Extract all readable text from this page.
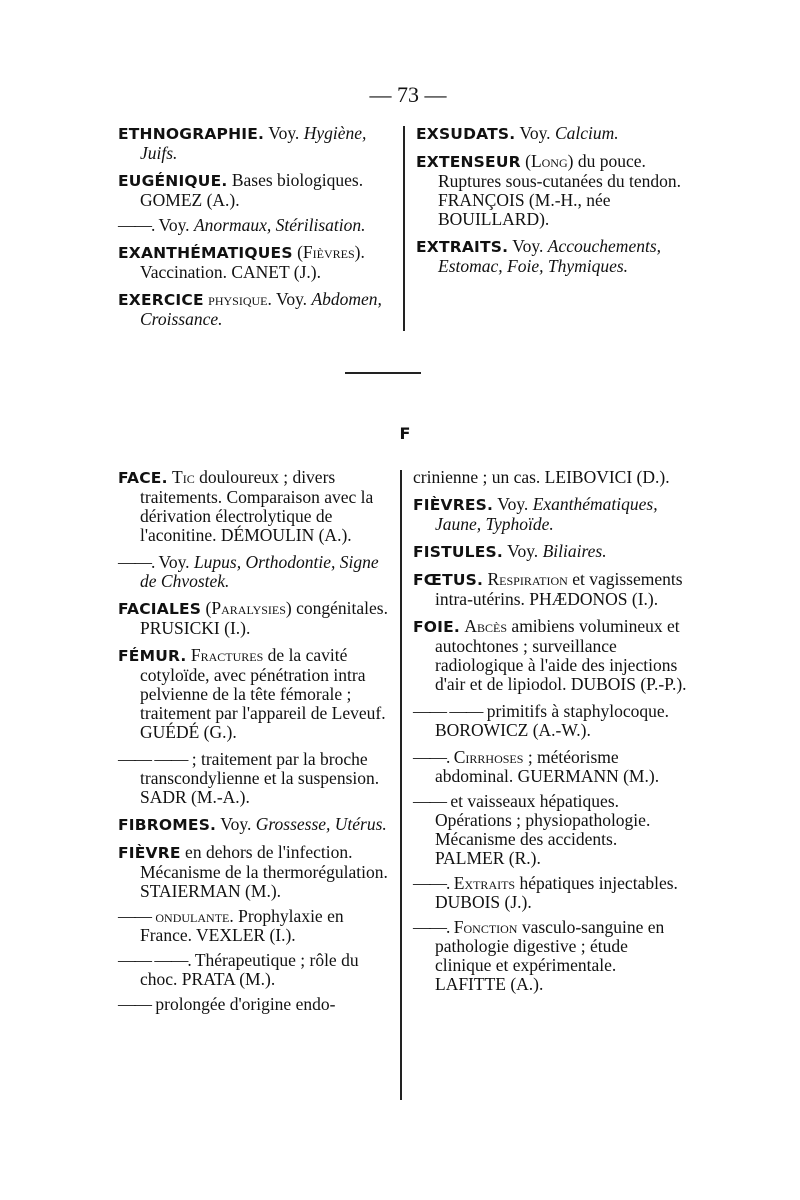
— 73 —

ETHNOGRAPHIE. Voy. Hygiène, Juifs.

EUGÉNIQUE. Bases biologiques. GOMEZ (A.).

——. Voy. Anormaux, Stérilisation.

EXANTHÉMATIQUES (Fièvres). Vaccination. CANET (J.).

EXERCICE physique. Voy. Abdomen, Croissance.

EXSUDATS. Voy. Calcium.

EXTENSEUR (Long) du pouce. Ruptures sous-cutanées du tendon. FRANÇOIS (M.-H., née BOUILLARD).

EXTRAITS. Voy. Accouchements, Estomac, Foie, Thymiques.

F

FACE. Tic douloureux ; divers traitements. Comparaison avec la dérivation électrolytique de l'aconitine. DÉMOULIN (A.).

——. Voy. Lupus, Orthodontie, Signe de Chvostek.

FACIALES (Paralysies) congénitales. PRUSICKI (I.).

FÉMUR. Fractures de la cavité cotyloïde, avec pénétration intra pelvienne de la tête fémorale ; traitement par l'appareil de Leveuf. GUÉDÉ (G.).

—— —— ; traitement par la broche transcondylienne et la suspension. SADR (M.-A.).

FIBROMES. Voy. Grossesse, Utérus.

FIÈVRE en dehors de l'infection. Mécanisme de la thermorégulation. STAIERMAN (M.).

—— ondulante. Prophylaxie en France. VEXLER (I.).

—— ——. Thérapeutique ; rôle du choc. PRATA (M.).

—— prolongée d'origine endo-

crinienne ; un cas. LEIBOVICI (D.).

FIÈVRES. Voy. Exanthématiques, Jaune, Typhoïde.

FISTULES. Voy. Biliaires.

FŒTUS. Respiration et vagissements intra-utérins. PHÆDONOS (I.).

FOIE. Abcès amibiens volumineux et autochtones ; surveillance radiologique à l'aide des injections d'air et de lipiodol. DUBOIS (P.-P.).

—— —— primitifs à staphylocoque. BOROWICZ (A.-W.).

——. Cirrhoses ; météorisme abdominal. GUERMANN (M.).

—— et vaisseaux hépatiques. Opérations ; physiopathologie. Mécanisme des accidents. PALMER (R.).

——. Extraits hépatiques injectables. DUBOIS (J.).

——. Fonction vasculo-sanguine en pathologie digestive ; étude clinique et expérimentale. LAFITTE (A.).
